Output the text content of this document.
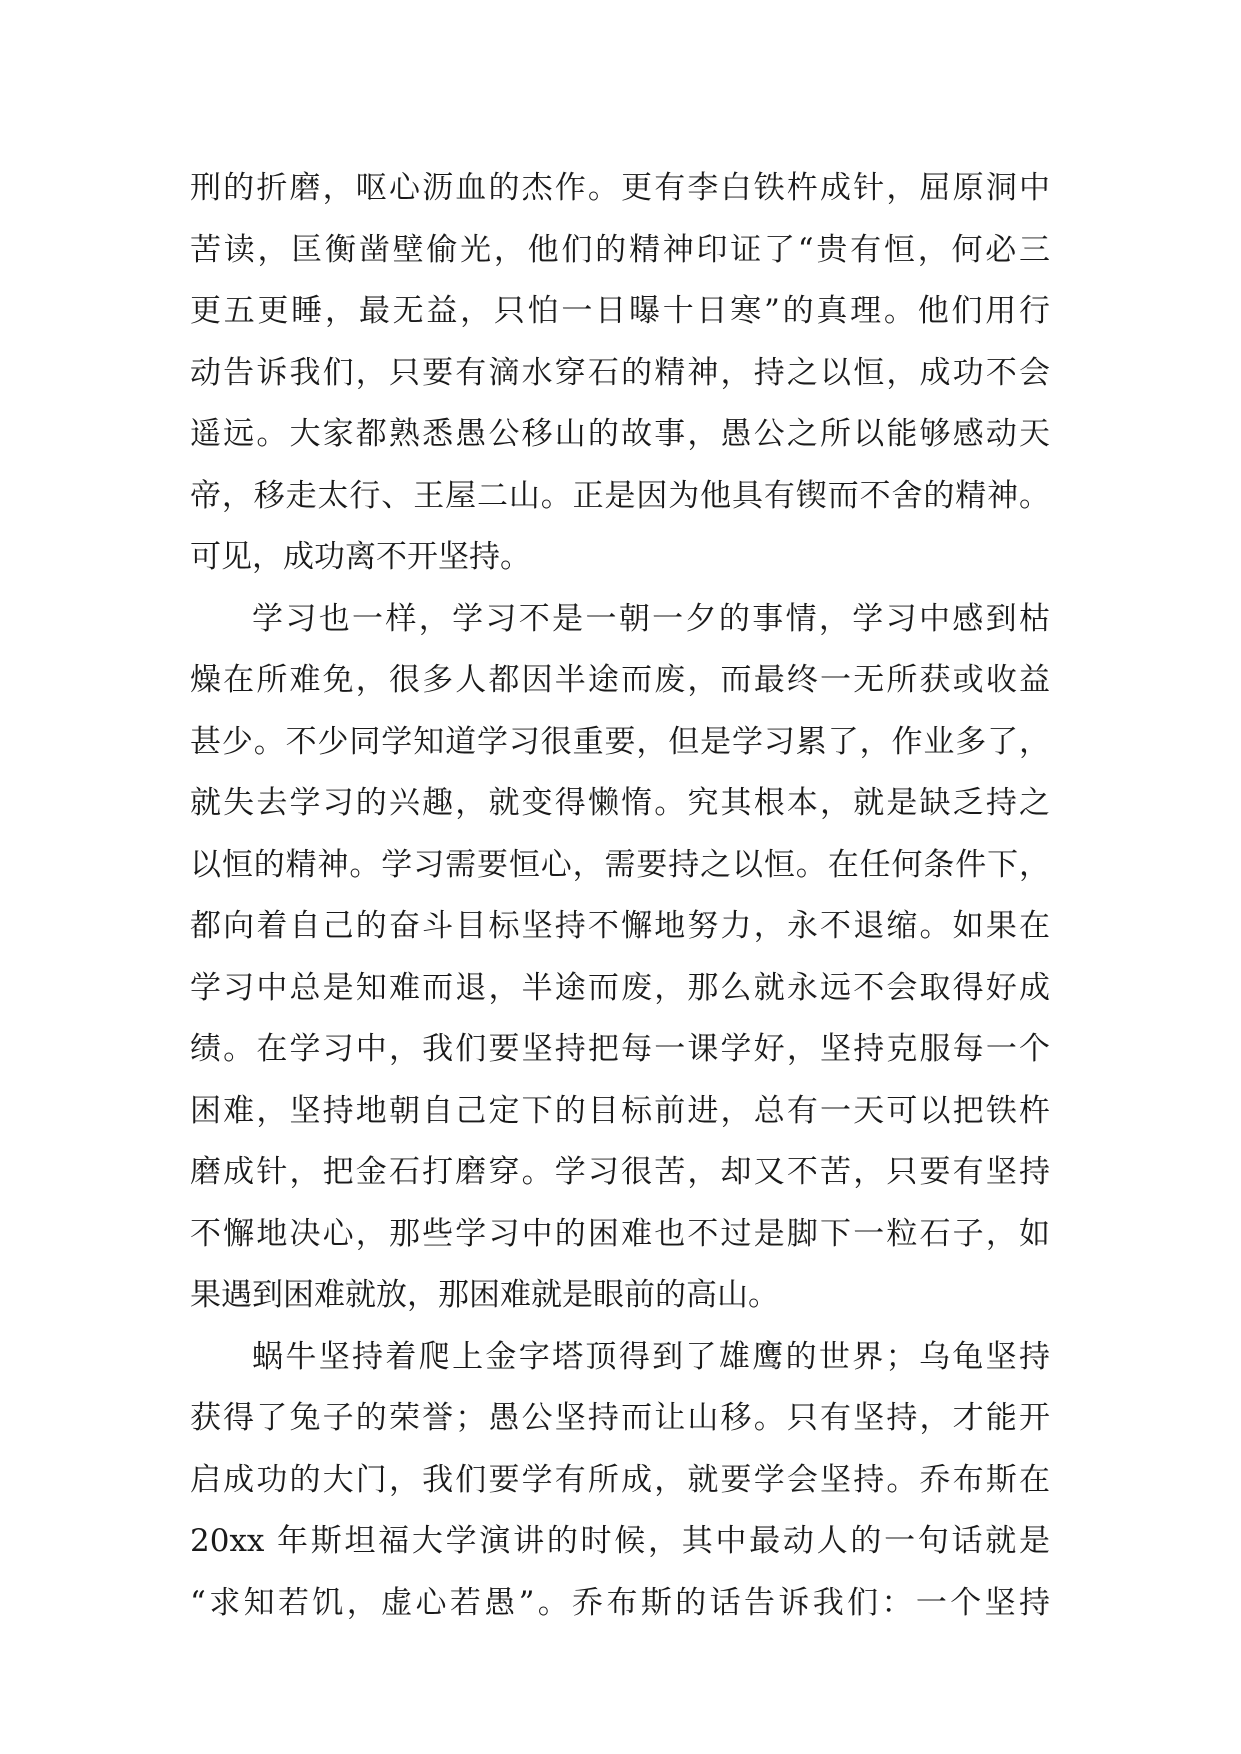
刑的折磨，呕心沥血的杰作。更有李白铁杵成针，屈原洞中
苦读，匡衡凿壁偷光，他们的精神印证了“贵有恒，何必三
更五更睡，最无益，只怕一日曝十日寒”的真理。他们用行
动告诉我们，只要有滴水穿石的精神，持之以恒，成功不会
遥远。大家都熟悉愚公移山的故事，愚公之所以能够感动天
帝，移走太行、王屋二山。正是因为他具有锲而不舍的精神。
可见，成功离不开坚持。
学习也一样，学习不是一朝一夕的事情，学习中感到枯
燥在所难免，很多人都因半途而废，而最终一无所获或收益
甚少。不少同学知道学习很重要，但是学习累了，作业多了，
就失去学习的兴趣，就变得懒惰。究其根本，就是缺乏持之
以恒的精神。学习需要恒心，需要持之以恒。在任何条件下，
都向着自己的奋斗目标坚持不懈地努力，永不退缩。如果在
学习中总是知难而退，半途而废，那么就永远不会取得好成
绩。在学习中，我们要坚持把每一课学好，坚持克服每一个
困难，坚持地朝自己定下的目标前进，总有一天可以把铁杵
磨成针，把金石打磨穿。学习很苦，却又不苦，只要有坚持
不懈地决心，那些学习中的困难也不过是脚下一粒石子，如
果遇到困难就放，那困难就是眼前的高山。
蜗牛坚持着爬上金字塔顶得到了雄鹰的世界；乌龟坚持
获得了兔子的荣誉；愚公坚持而让山移。只有坚持，才能开
启成功的大门，我们要学有所成，就要学会坚持。乔布斯在
20xx 年斯坦福大学演讲的时候，其中最动人的一句话就是
“求知若饥，虚心若愚”。乔布斯的话告诉我们：一个坚持
